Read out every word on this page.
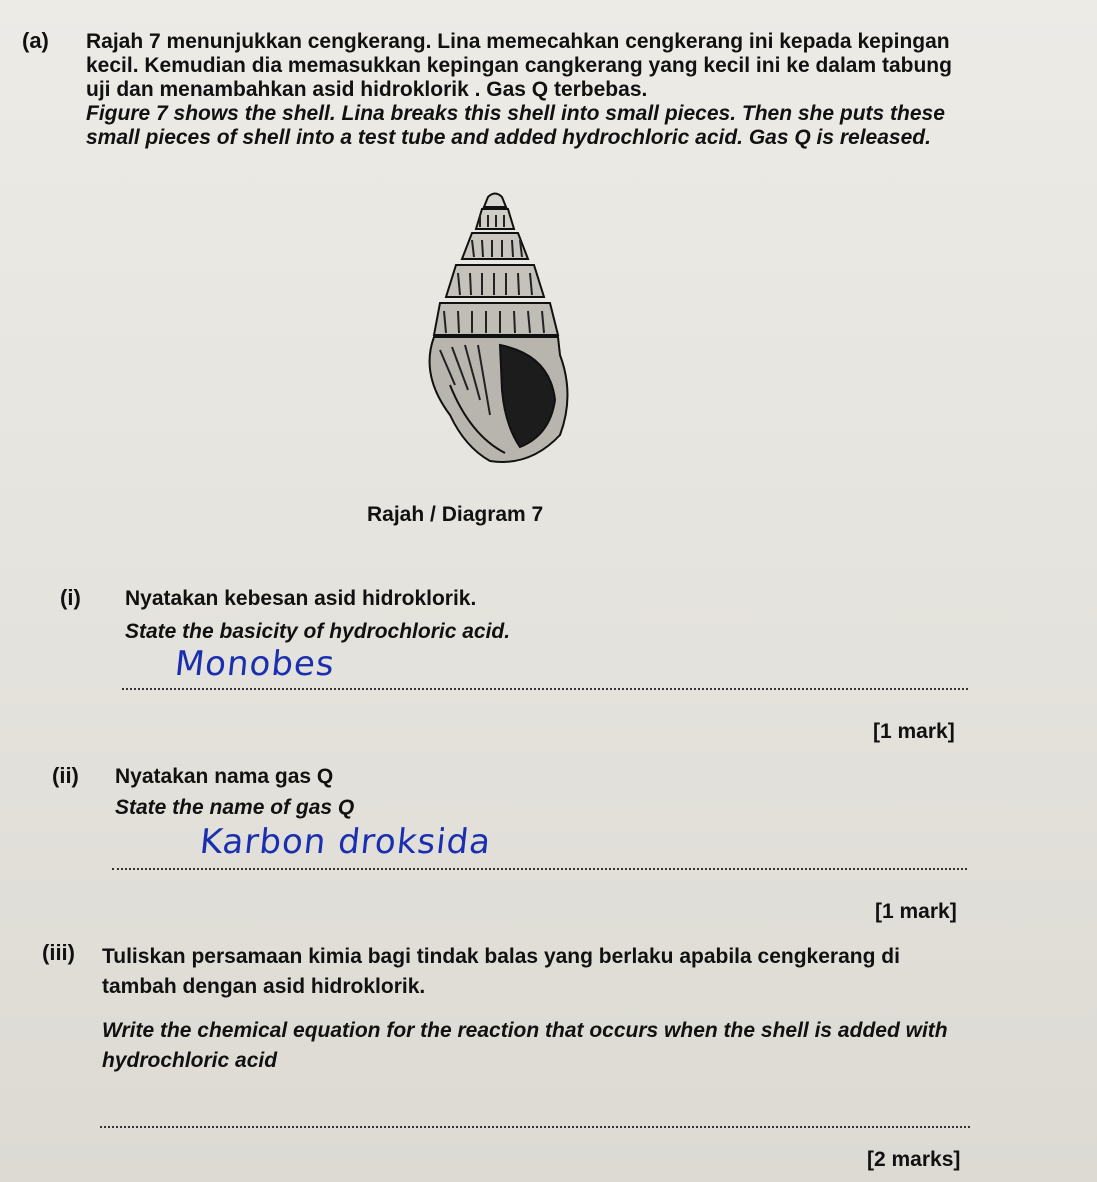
(a) Rajah 7 menunjukkan cengkerang. Lina memecahkan cengkerang ini kepada kepingan kecil. Kemudian dia memasukkan kepingan cangkerang yang kecil ini ke dalam tabung uji dan menambahkan asid hidroklorik . Gas Q terbebas.
Figure 7 shows the shell. Lina breaks this shell into small pieces. Then she puts these small pieces of shell into a test tube and added hydrochloric acid. Gas Q is released.
Rajah / Diagram 7
(i) Nyatakan kebesan asid hidroklorik.
State the basicity of hydrochloric acid.
Monobes
[1 mark]
(ii) Nyatakan nama gas Q
State the name of gas Q
Karbon droksida
[1 mark]
(iii) Tuliskan persamaan kimia bagi tindak balas yang berlaku apabila cengkerang di tambah dengan asid hidroklorik.
Write the chemical equation for the reaction that occurs when the shell is added with hydrochloric acid
[2 marks]
